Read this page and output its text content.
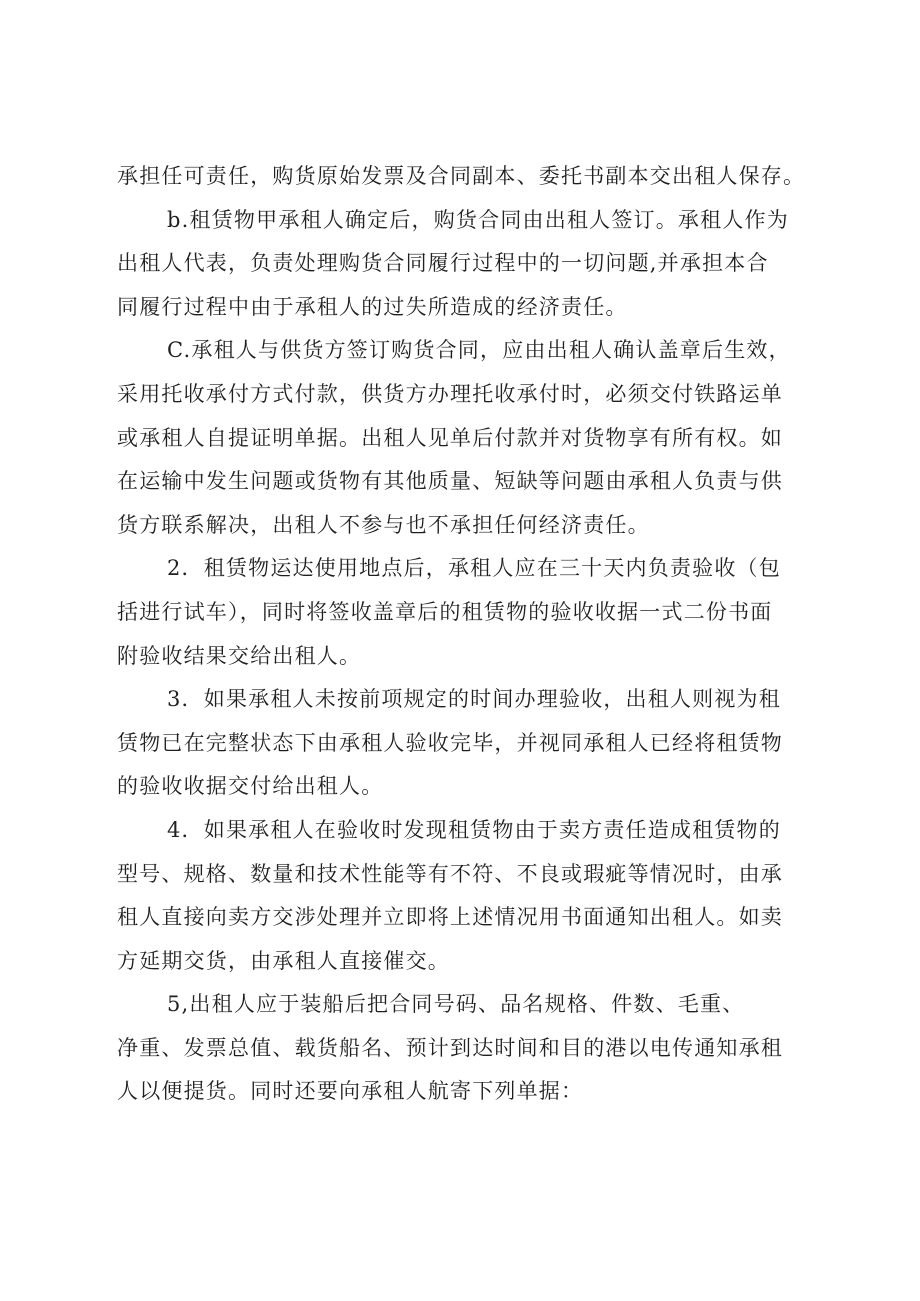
承担任可责任，购货原始发票及合同副本、委托书副本交出租人保存。

b.租赁物甲承租人确定后，购货合同由出租人签订。承租人作为
出租人代表，负责处理购货合同履行过程中的一切问题,并承担本合
同履行过程中由于承租人的过失所造成的经济责任。

C.承租人与供货方签订购货合同，应由出租人确认盖章后生效，
采用托收承付方式付款，供货方办理托收承付时，必须交付铁路运单
或承租人自提证明单据。出租人见单后付款并对货物享有所有权。如
在运输中发生问题或货物有其他质量、短缺等问题由承租人负责与供
货方联系解决，出租人不参与也不承担任何经济责任。

2．租赁物运达使用地点后，承租人应在三十天内负责验收（包
括进行试车），同时将签收盖章后的租赁物的验收收据一式二份书面
附验收结果交给出租人。

3．如果承租人未按前项规定的时间办理验收，出租人则视为租
赁物已在完整状态下由承租人验收完毕，并视同承租人已经将租赁物
的验收收据交付给出租人。

4．如果承租人在验收时发现租赁物由于卖方责任造成租赁物的
型号、规格、数量和技术性能等有不符、不良或瑕疵等情况时，由承
租人直接向卖方交涉处理并立即将上述情况用书面通知出租人。如卖
方延期交货，由承租人直接催交。

5,出租人应于装船后把合同号码、品名规格、件数、毛重、
净重、发票总值、载货船名、预计到达时间和目的港以电传通知承租
人以便提货。同时还要向承租人航寄下列单据：
